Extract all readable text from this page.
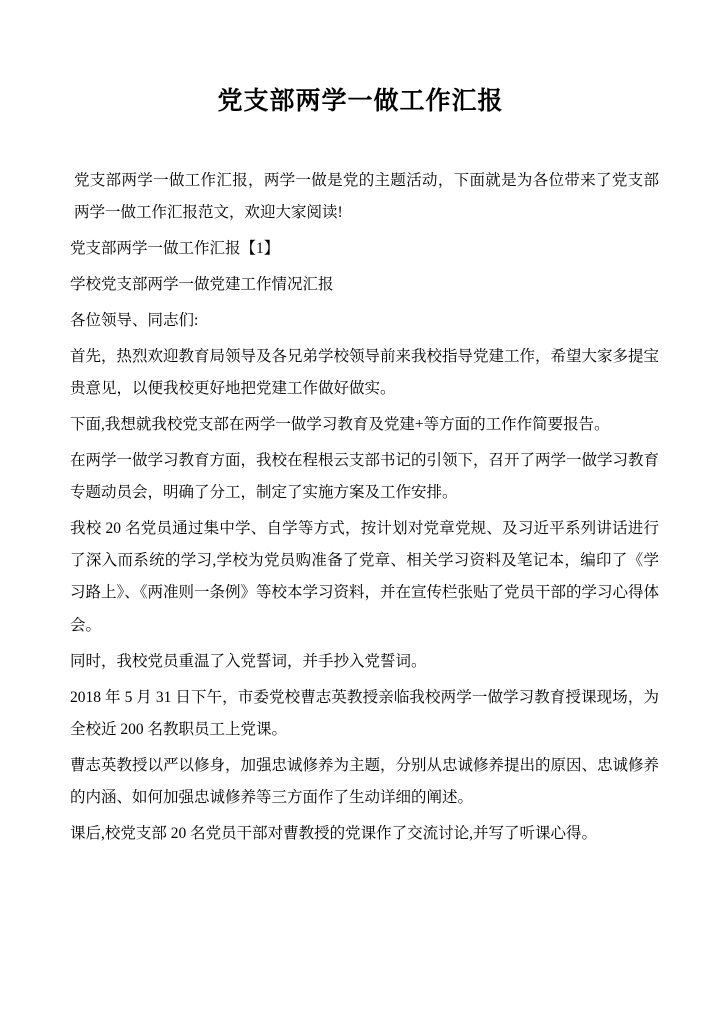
党支部两学一做工作汇报

党支部两学一做工作汇报，两学一做是党的主题活动，下面就是为各位带来了党支部两学一做工作汇报范文，欢迎大家阅读!

党支部两学一做工作汇报【1】

学校党支部两学一做党建工作情况汇报

各位领导、同志们:

首先，热烈欢迎教育局领导及各兄弟学校领导前来我校指导党建工作，希望大家多提宝贵意见，以便我校更好地把党建工作做好做实。

下面,我想就我校党支部在两学一做学习教育及党建+等方面的工作作简要报告。

在两学一做学习教育方面，我校在程根云支部书记的引领下，召开了两学一做学习教育专题动员会，明确了分工，制定了实施方案及工作安排。

我校 20 名党员通过集中学、自学等方式，按计划对党章党规、及习近平系列讲话进行了深入而系统的学习,学校为党员购准备了党章、相关学习资料及笔记本，编印了《学习路上》、《两准则一条例》等校本学习资料，并在宣传栏张贴了党员干部的学习心得体会。

同时，我校党员重温了入党誓词，并手抄入党誓词。

2018 年 5 月 31 日下午，市委党校曹志英教授亲临我校两学一做学习教育授课现场，为全校近 200 名教职员工上党课。

曹志英教授以严以修身，加强忠诚修养为主题，分别从忠诚修养提出的原因、忠诚修养的内涵、如何加强忠诚修养等三方面作了生动详细的阐述。

课后,校党支部 20 名党员干部对曹教授的党课作了交流讨论,并写了听课心得。
